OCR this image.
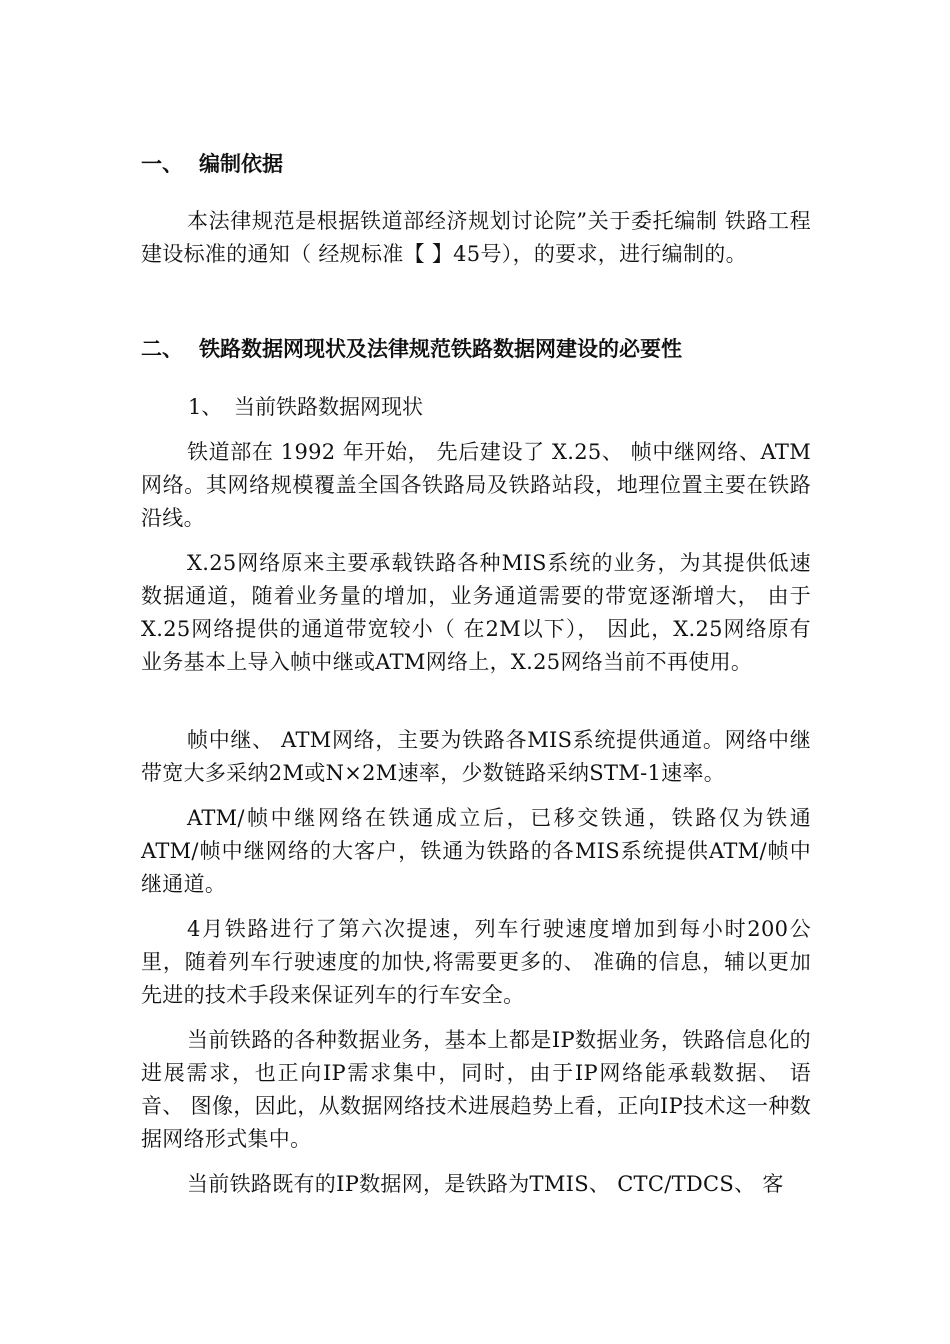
一、 编制依据

本法律规范是根据铁道部经济规划讨论院”关于委托编制 铁路工程建设标准的通知（ 经规标准【 】45号），的要求，进行编制的。

二、 铁路数据网现状及法律规范铁路数据网建设的必要性
1、 当前铁路数据网现状

铁道部在 1992 年开始， 先后建设了 X.25、 帧中继网络、ATM网络。其网络规模覆盖全国各铁路局及铁路站段，地理位置主要在铁路沿线。

X.25网络原来主要承载铁路各种MIS系统的业务，为其提供低速数据通道，随着业务量的增加，业务通道需要的带宽逐渐增大， 由于X.25网络提供的通道带宽较小（ 在2M以下）， 因此，X.25网络原有业务基本上导入帧中继或ATM网络上，X.25网络当前不再使用。

帧中继、 ATM网络，主要为铁路各MIS系统提供通道。网络中继带宽大多采纳2M或N×2M速率，少数链路采纳STM-1速率。

ATM/帧中继网络在铁通成立后，已移交铁通，铁路仅为铁通ATM/帧中继网络的大客户，铁通为铁路的各MIS系统提供ATM/帧中继通道。

4月铁路进行了第六次提速，列车行驶速度增加到每小时200公里，随着列车行驶速度的加快,将需要更多的、 准确的信息，辅以更加先进的技术手段来保证列车的行车安全。

当前铁路的各种数据业务，基本上都是IP数据业务，铁路信息化的进展需求，也正向IP需求集中，同时，由于IP网络能承载数据、 语音、 图像，因此，从数据网络技术进展趋势上看，正向IP技术这一种数据网络形式集中。

当前铁路既有的IP数据网，是铁路为TMIS、 CTC/TDCS、 客
